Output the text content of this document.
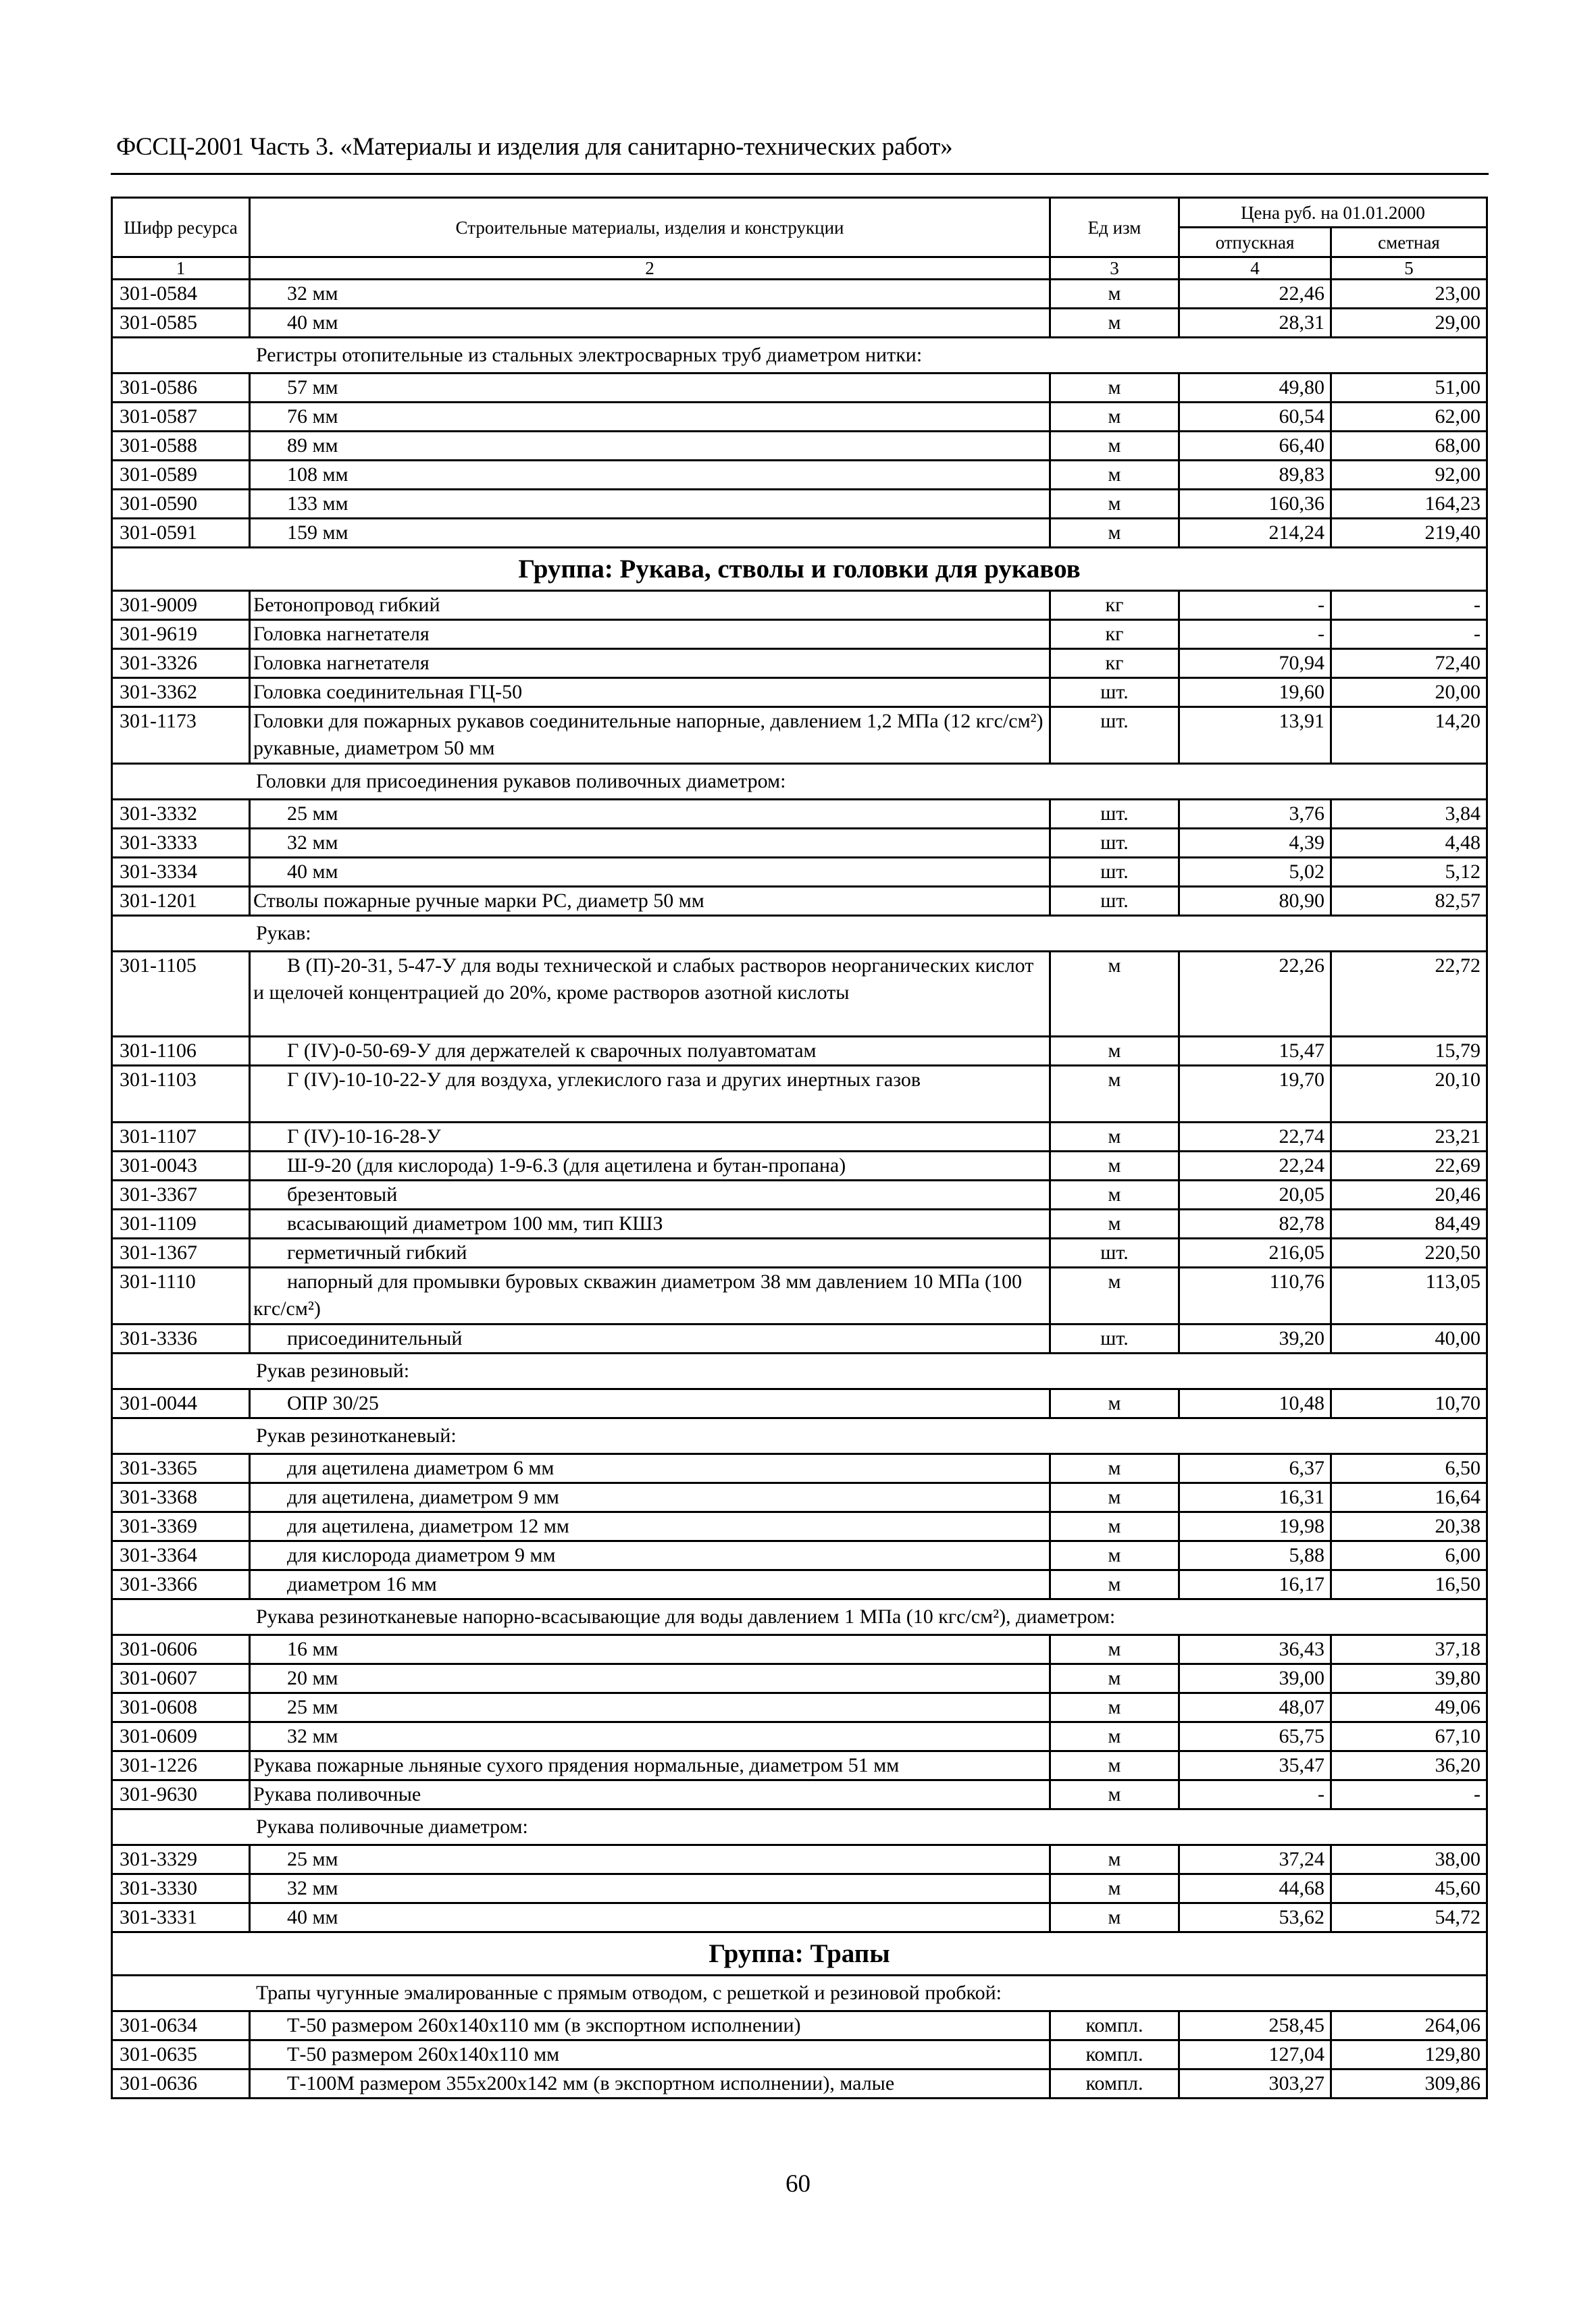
ФССЦ-2001 Часть 3. «Материалы и изделия для санитарно-технических работ»
Шифр ресурса	Строительные материалы, изделия и конструкции	Ед изм	Цена руб. на 01.01.2000	
			отпускная	сметная
1	2	3	4	5
301-0584	32 мм	м	22,46	23,00
301-0585	40 мм	м	28,31	29,00
Регистры отопительные из стальных электросварных труб диаметром нитки:				
301-0586	57 мм	м	49,80	51,00
301-0587	76 мм	м	60,54	62,00
301-0588	89 мм	м	66,40	68,00
301-0589	108 мм	м	89,83	92,00
301-0590	133 мм	м	160,36	164,23
301-0591	159 мм	м	214,24	219,40
Группа: Рукава, стволы и головки для рукавов				
301-9009	Бетонопровод гибкий	кг	-	-
301-9619	Головка нагнетателя	кг	-	-
301-3326	Головка нагнетателя	кг	70,94	72,40
301-3362	Головка соединительная ГЦ-50	шт.	19,60	20,00
301-1173	Головки для пожарных рукавов соединительные напорные, давлением 1,2 МПа (12 кгс/см²) рукавные, диаметром 50 мм	шт.	13,91	14,20
Головки для присоединения рукавов поливочных диаметром:				
301-3332	25 мм	шт.	3,76	3,84
301-3333	32 мм	шт.	4,39	4,48
301-3334	40 мм	шт.	5,02	5,12
301-1201	Стволы пожарные ручные марки РС, диаметр 50 мм	шт.	80,90	82,57
Рукав:				
301-1105	В (П)-20-31, 5-47-У для воды технической и слабых растворов неорганических кислот и щелочей концентрацией до 20%, кроме растворов азотной кислоты	м	22,26	22,72
301-1106	Г (IV)-0-50-69-У для держателей к сварочных полуавтоматам	м	15,47	15,79
301-1103	Г (IV)-10-10-22-У для воздуха, углекислого газа и других инертных газов	м	19,70	20,10
301-1107	Г (IV)-10-16-28-У	м	22,74	23,21
301-0043	Ш-9-20 (для кислорода) 1-9-6.3 (для ацетилена и бутан-пропана)	м	22,24	22,69
301-3367	брезентовый	м	20,05	20,46
301-1109	всасывающий диаметром 100 мм, тип КШЗ	м	82,78	84,49
301-1367	герметичный гибкий	шт.	216,05	220,50
301-1110	напорный для промывки буровых скважин диаметром 38 мм давлением 10 МПа (100 кгс/см²)	м	110,76	113,05
301-3336	присоединительный	шт.	39,20	40,00
Рукав резиновый:				
301-0044	ОПР 30/25	м	10,48	10,70
Рукав резинотканевый:				
301-3365	для ацетилена диаметром 6 мм	м	6,37	6,50
301-3368	для ацетилена, диаметром 9 мм	м	16,31	16,64
301-3369	для ацетилена, диаметром 12 мм	м	19,98	20,38
301-3364	для кислорода диаметром 9 мм	м	5,88	6,00
301-3366	диаметром 16 мм	м	16,17	16,50
Рукава резинотканевые напорно-всасывающие для воды давлением 1 МПа (10 кгс/см²), диаметром:				
301-0606	16 мм	м	36,43	37,18
301-0607	20 мм	м	39,00	39,80
301-0608	25 мм	м	48,07	49,06
301-0609	32 мм	м	65,75	67,10
301-1226	Рукава пожарные льняные сухого прядения нормальные, диаметром 51 мм	м	35,47	36,20
301-9630	Рукава поливочные	м	-	-
Рукава поливочные диаметром:				
301-3329	25 мм	м	37,24	38,00
301-3330	32 мм	м	44,68	45,60
301-3331	40 мм	м	53,62	54,72
Группа: Трапы				
Трапы чугунные эмалированные с прямым отводом, с решеткой и резиновой пробкой:				
301-0634	Т-50 размером 260х140х110 мм (в экспортном исполнении)	компл.	258,45	264,06
301-0635	Т-50 размером 260х140х110 мм	компл.	127,04	129,80
301-0636	Т-100М размером 355х200х142 мм (в экспортном исполнении), малые	компл.	303,27	309,86
60
